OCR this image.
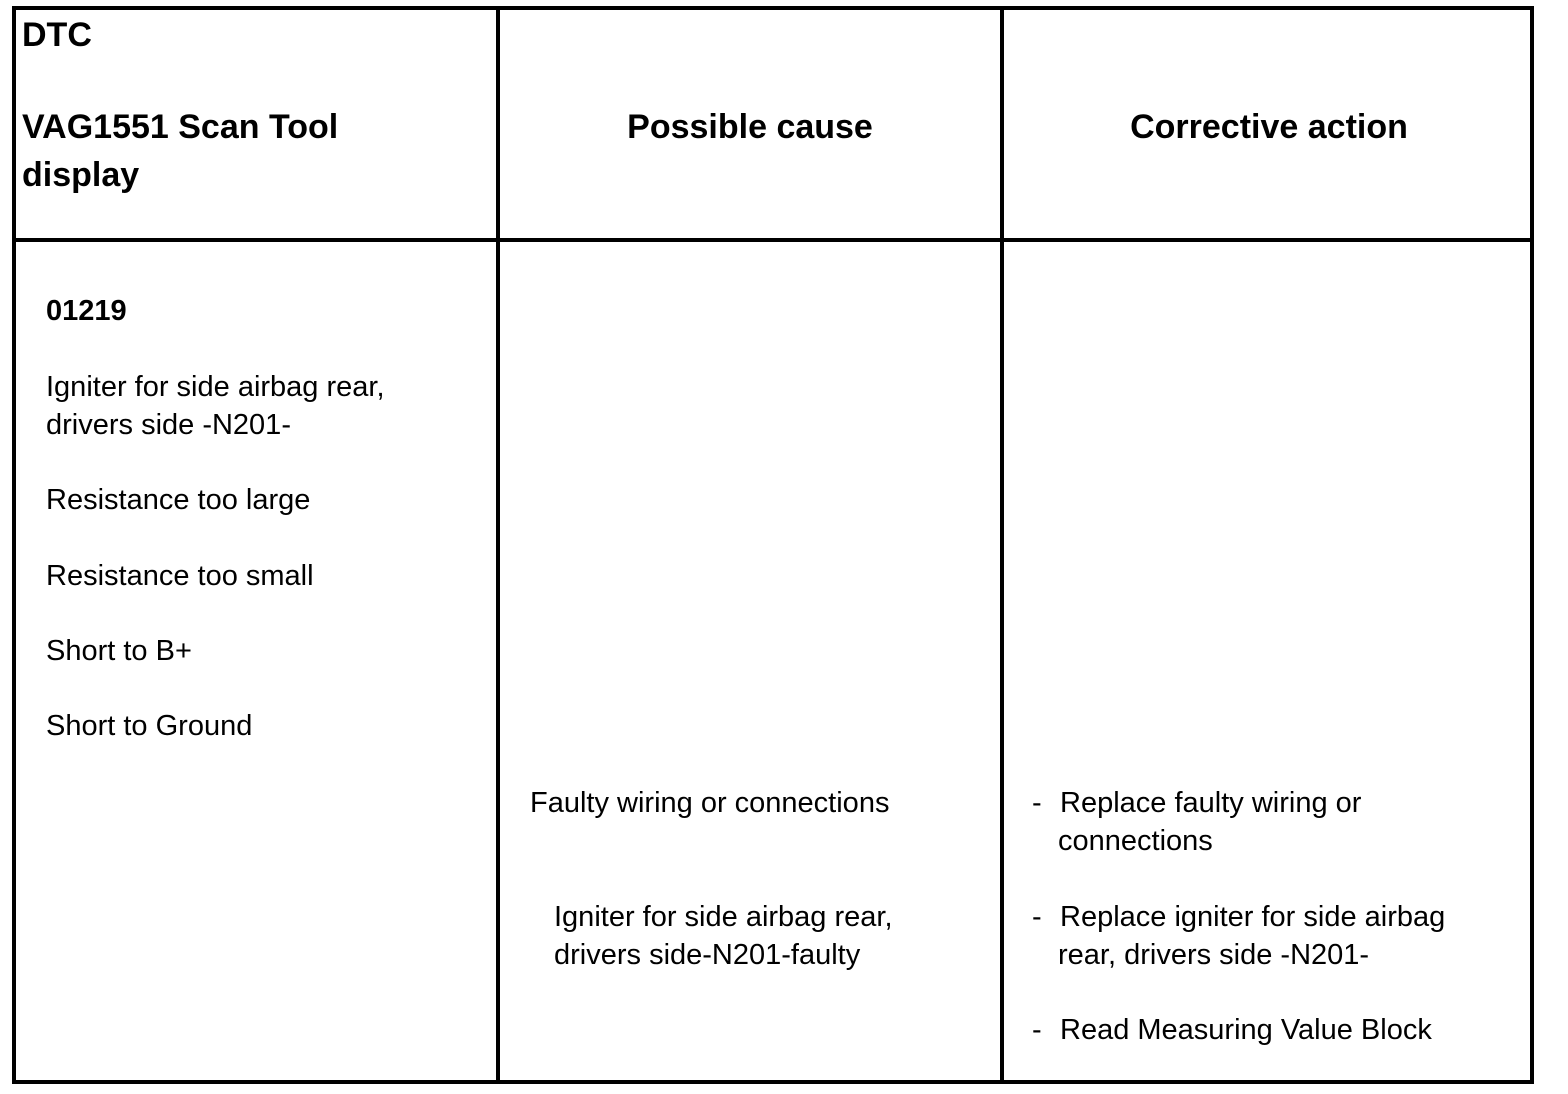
DTC
VAG1551 Scan Tool
display
Possible cause	Corrective action
01219
Igniter for side airbag rear,
drivers side -N201-
Resistance too large
Resistance too small
Short to B+
Short to Ground
Faulty wiring or connections
Igniter for side airbag rear,
drivers side-N201-faulty
- Replace faulty wiring or
connections
- Replace igniter for side airbag
rear, drivers side -N201-
- Read Measuring Value Block
